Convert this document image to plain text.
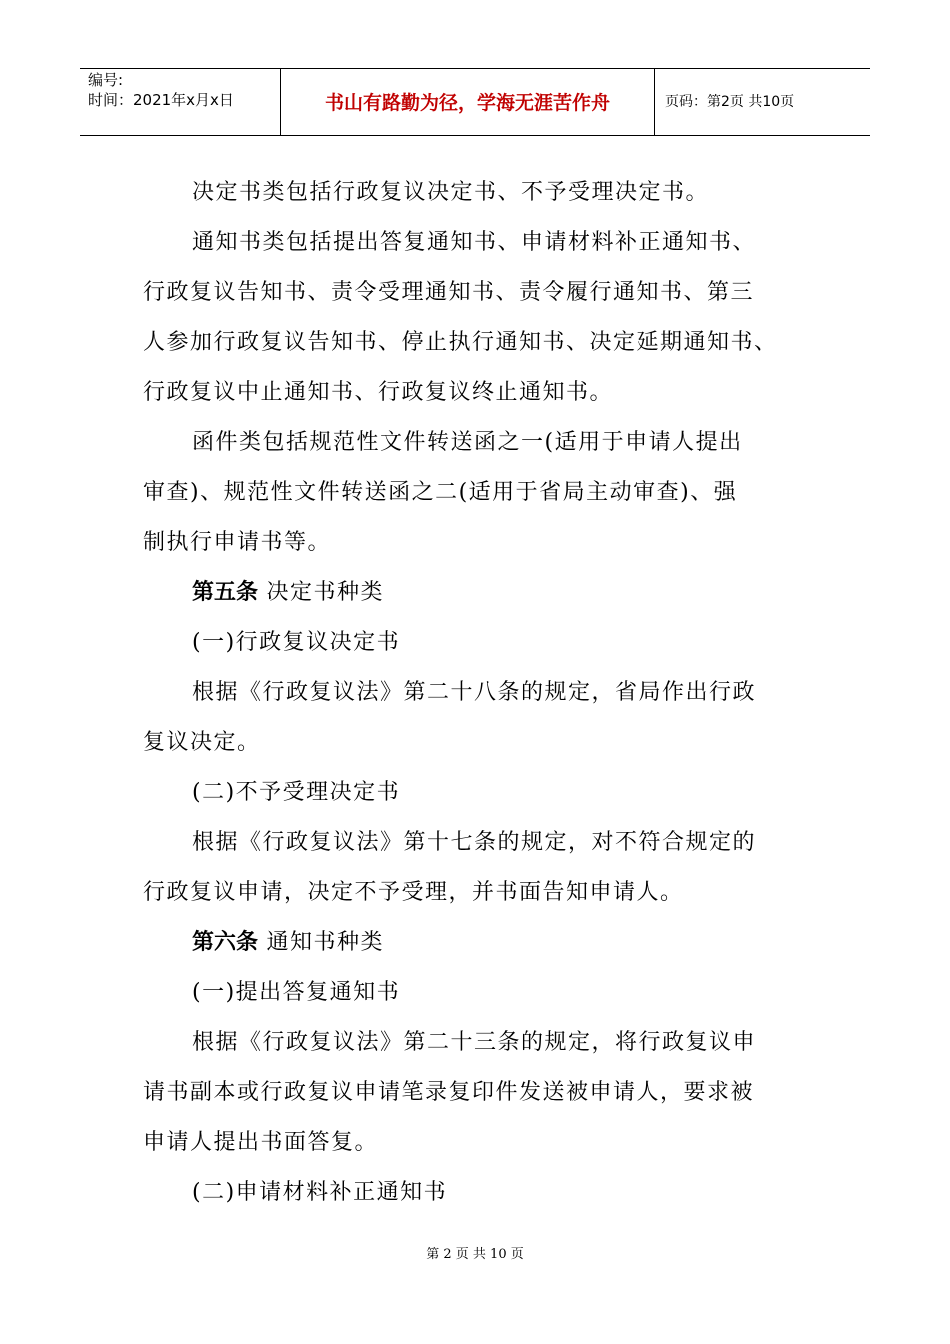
编号:
时间：2021年x月x日	书山有路勤为径，学海无涯苦作舟	页码：第2页 共10页
决定书类包括行政复议决定书、不予受理决定书。
通知书类包括提出答复通知书、申请材料补正通知书、
行政复议告知书、责令受理通知书、责令履行通知书、第三
人参加行政复议告知书、停止执行通知书、决定延期通知书、
行政复议中止通知书、行政复议终止通知书。
函件类包括规范性文件转送函之一(适用于申请人提出
审查)、规范性文件转送函之二(适用于省局主动审查)、强
制执行申请书等。
第五条 决定书种类
(一)行政复议决定书
根据《行政复议法》第二十八条的规定，省局作出行政
复议决定。
(二)不予受理决定书
根据《行政复议法》第十七条的规定，对不符合规定的
行政复议申请，决定不予受理，并书面告知申请人。
第六条 通知书种类
(一)提出答复通知书
根据《行政复议法》第二十三条的规定，将行政复议申
请书副本或行政复议申请笔录复印件发送被申请人，要求被
申请人提出书面答复。
(二)申请材料补正通知书
第 2 页 共 10 页
